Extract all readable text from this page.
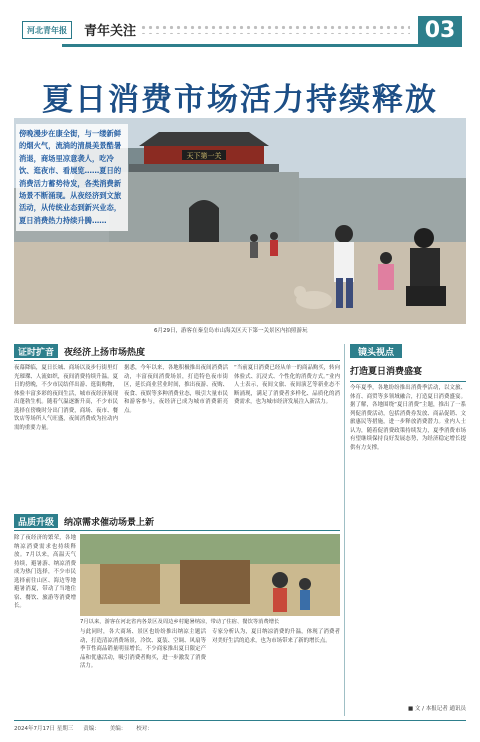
河北青年报	青年关注	03
夏日消费市场活力持续释放
天下第一关
傍晚漫步在康全街，与一缕新鲜的烟火气，流淌的清晨美景酷暑消退，商场里凉意袭人，吃冷饮、逛夜市、看展览……夏日的消费活力蓄势待发，各类消费新场景不断涌现。从夜经济到文旅活动，从传统业态到新兴业态，夏日消费热力持续升腾……
6月29日，游客在秦皇岛市山海关区天下第一关景区内拍照游玩
证时扩音	夜经济上扬市场热度
夜幕降临，夏日长城、商场以及步行街里灯光璀璨、人流如织，夜间消费持续升温。夏日的傍晚，不少市民结伴出游、逛街购物，体验丰富多彩的夜间生活，城市夜经济展现出蓬勃生机。随着气温逐渐升高，不少市民选择在傍晚时分出门消费，商场、夜市、餐饮店等场所人气旺盛，夜间消费成为拉动内需的重要力量。
据悉，今年以来，各地积极推出夜间消费活动，丰富夜间消费场景，打造特色夜市街区，延长商业营业时间，推出夜游、夜购、夜食、夜娱等多种消费业态，吸引大量市民和游客参与，夜经济已成为城市消费新亮点。
“当前夏日消费已经从单一的商品购买，转向体验式、沉浸式、个性化的消费方式。”业内人士表示，夜间文旅、夜间演艺等新业态不断涌现，满足了消费者多样化、品质化的消费需求，也为城市经济发展注入新活力。
品质升级	纳凉需求催动场景上新
除了夜经济的繁荣，各地纳凉消费需求也持续释放。7月以来，高温天气持续，避暑游、纳凉消费成为热门选择，不少市民选择前往山区、海边等地避暑消夏，带动了当地住宿、餐饮、旅游等消费增长。
7月以来，游客在河北省内各景区及周边乡村避暑纳凉，带动了住宿、餐饮等消费增长
与此同时，各大商场、景区也纷纷推出纳凉主题活动，打造清凉消费场景，冷饮、夏装、空调、风扇等季节性商品销量明显增长。不少商家推出夏日限定产品和优惠活动，吸引消费者购买，进一步激发了消费活力。
专家分析认为，夏日纳凉消费的升温，体现了消费者对美好生活的追求，也为市场带来了新的增长点。
镜头视点
打造夏日消费盛宴
今年夏季，各地纷纷推出消费季活动，以文旅、体育、商贸等多领域融合，打造夏日消费盛宴。据了解，各地围绕“夏日消费”主题，推出了一系列促消费活动，包括消费券发放、商品促销、文旅惠民等措施，进一步释放消费潜力。业内人士认为，随着促消费政策持续发力，夏季消费市场有望继续保持良好发展态势，为经济稳定增长提供有力支撑。
■ 文 / 本报记者 通讯员
2024年7月17日 星期三 责编： 美编： 校对：
